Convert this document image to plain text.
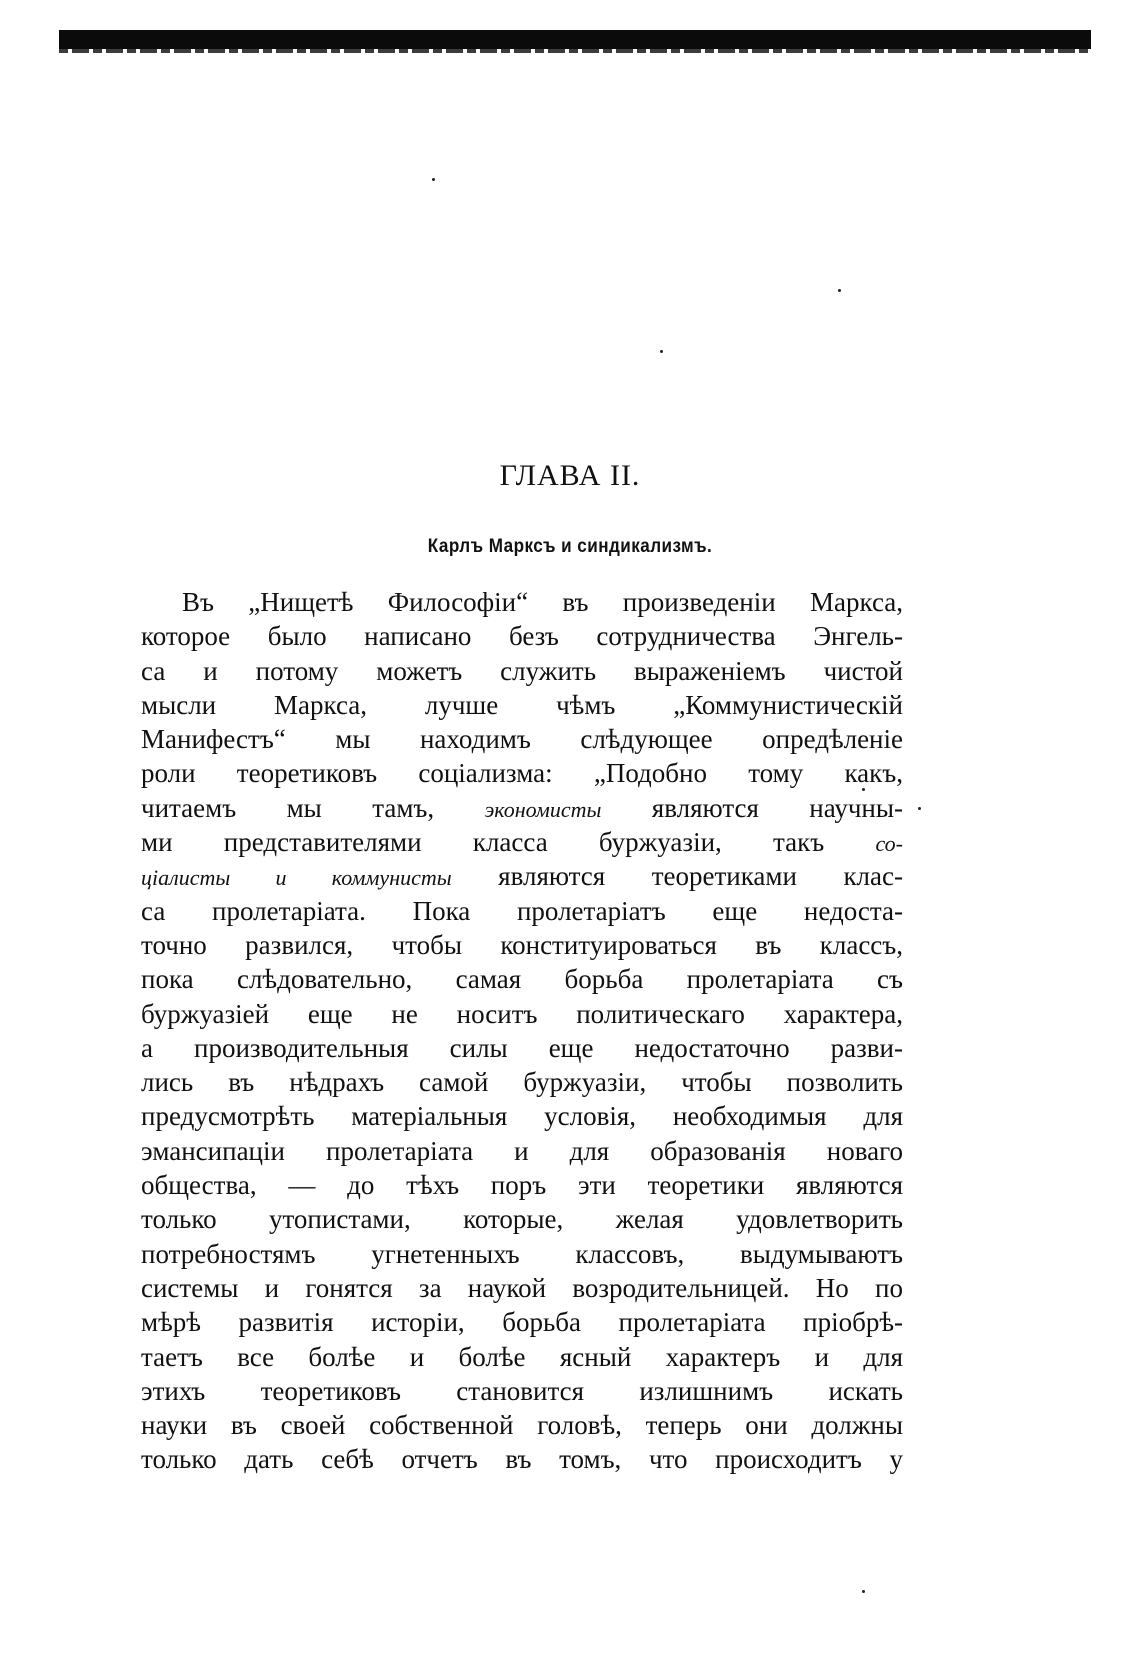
ГЛАВА II.
Карлъ Марксъ и синдикализмъ.
Въ „Нищетѣ Философіи“ въ произведеніи Маркса,
которое было написано безъ сотрудничества Энгель-
са и потому можетъ служить выраженіемъ чистой
мысли Маркса, лучше чѣмъ „Коммунистическій
Манифестъ“ мы находимъ слѣдующее опредѣленіе
роли теоретиковъ соціализма: „Подобно тому какъ,
читаемъ мы тамъ, экономисты являются научны-
ми представителями класса буржуазіи, такъ со-
ціалисты и коммунисты являются теоретиками клас-
са пролетаріата. Пока пролетаріатъ еще недоста-
точно развился, чтобы конституироваться въ классъ,
пока слѣдовательно, самая борьба пролетаріата съ
буржуазіей еще не носитъ политическаго характера,
а производительныя силы еще недостаточно разви-
лись въ нѣдрахъ самой буржуазіи, чтобы позволить
предусмотрѣть матеріальныя условія, необходимыя для
эмансипаціи пролетаріата и для образованія новаго
общества, — до тѣхъ поръ эти теоретики являются
только утопистами, которые, желая удовлетворить
потребностямъ угнетенныхъ классовъ, выдумываютъ
системы и гонятся за наукой возродительницей. Но по
мѣрѣ развитія исторіи, борьба пролетаріата пріобрѣ-
таетъ все болѣе и болѣе ясный характеръ и для
этихъ теоретиковъ становится излишнимъ искать
науки въ своей собственной головѣ, теперь они должны
только дать себѣ отчетъ въ томъ, что происходитъ у
